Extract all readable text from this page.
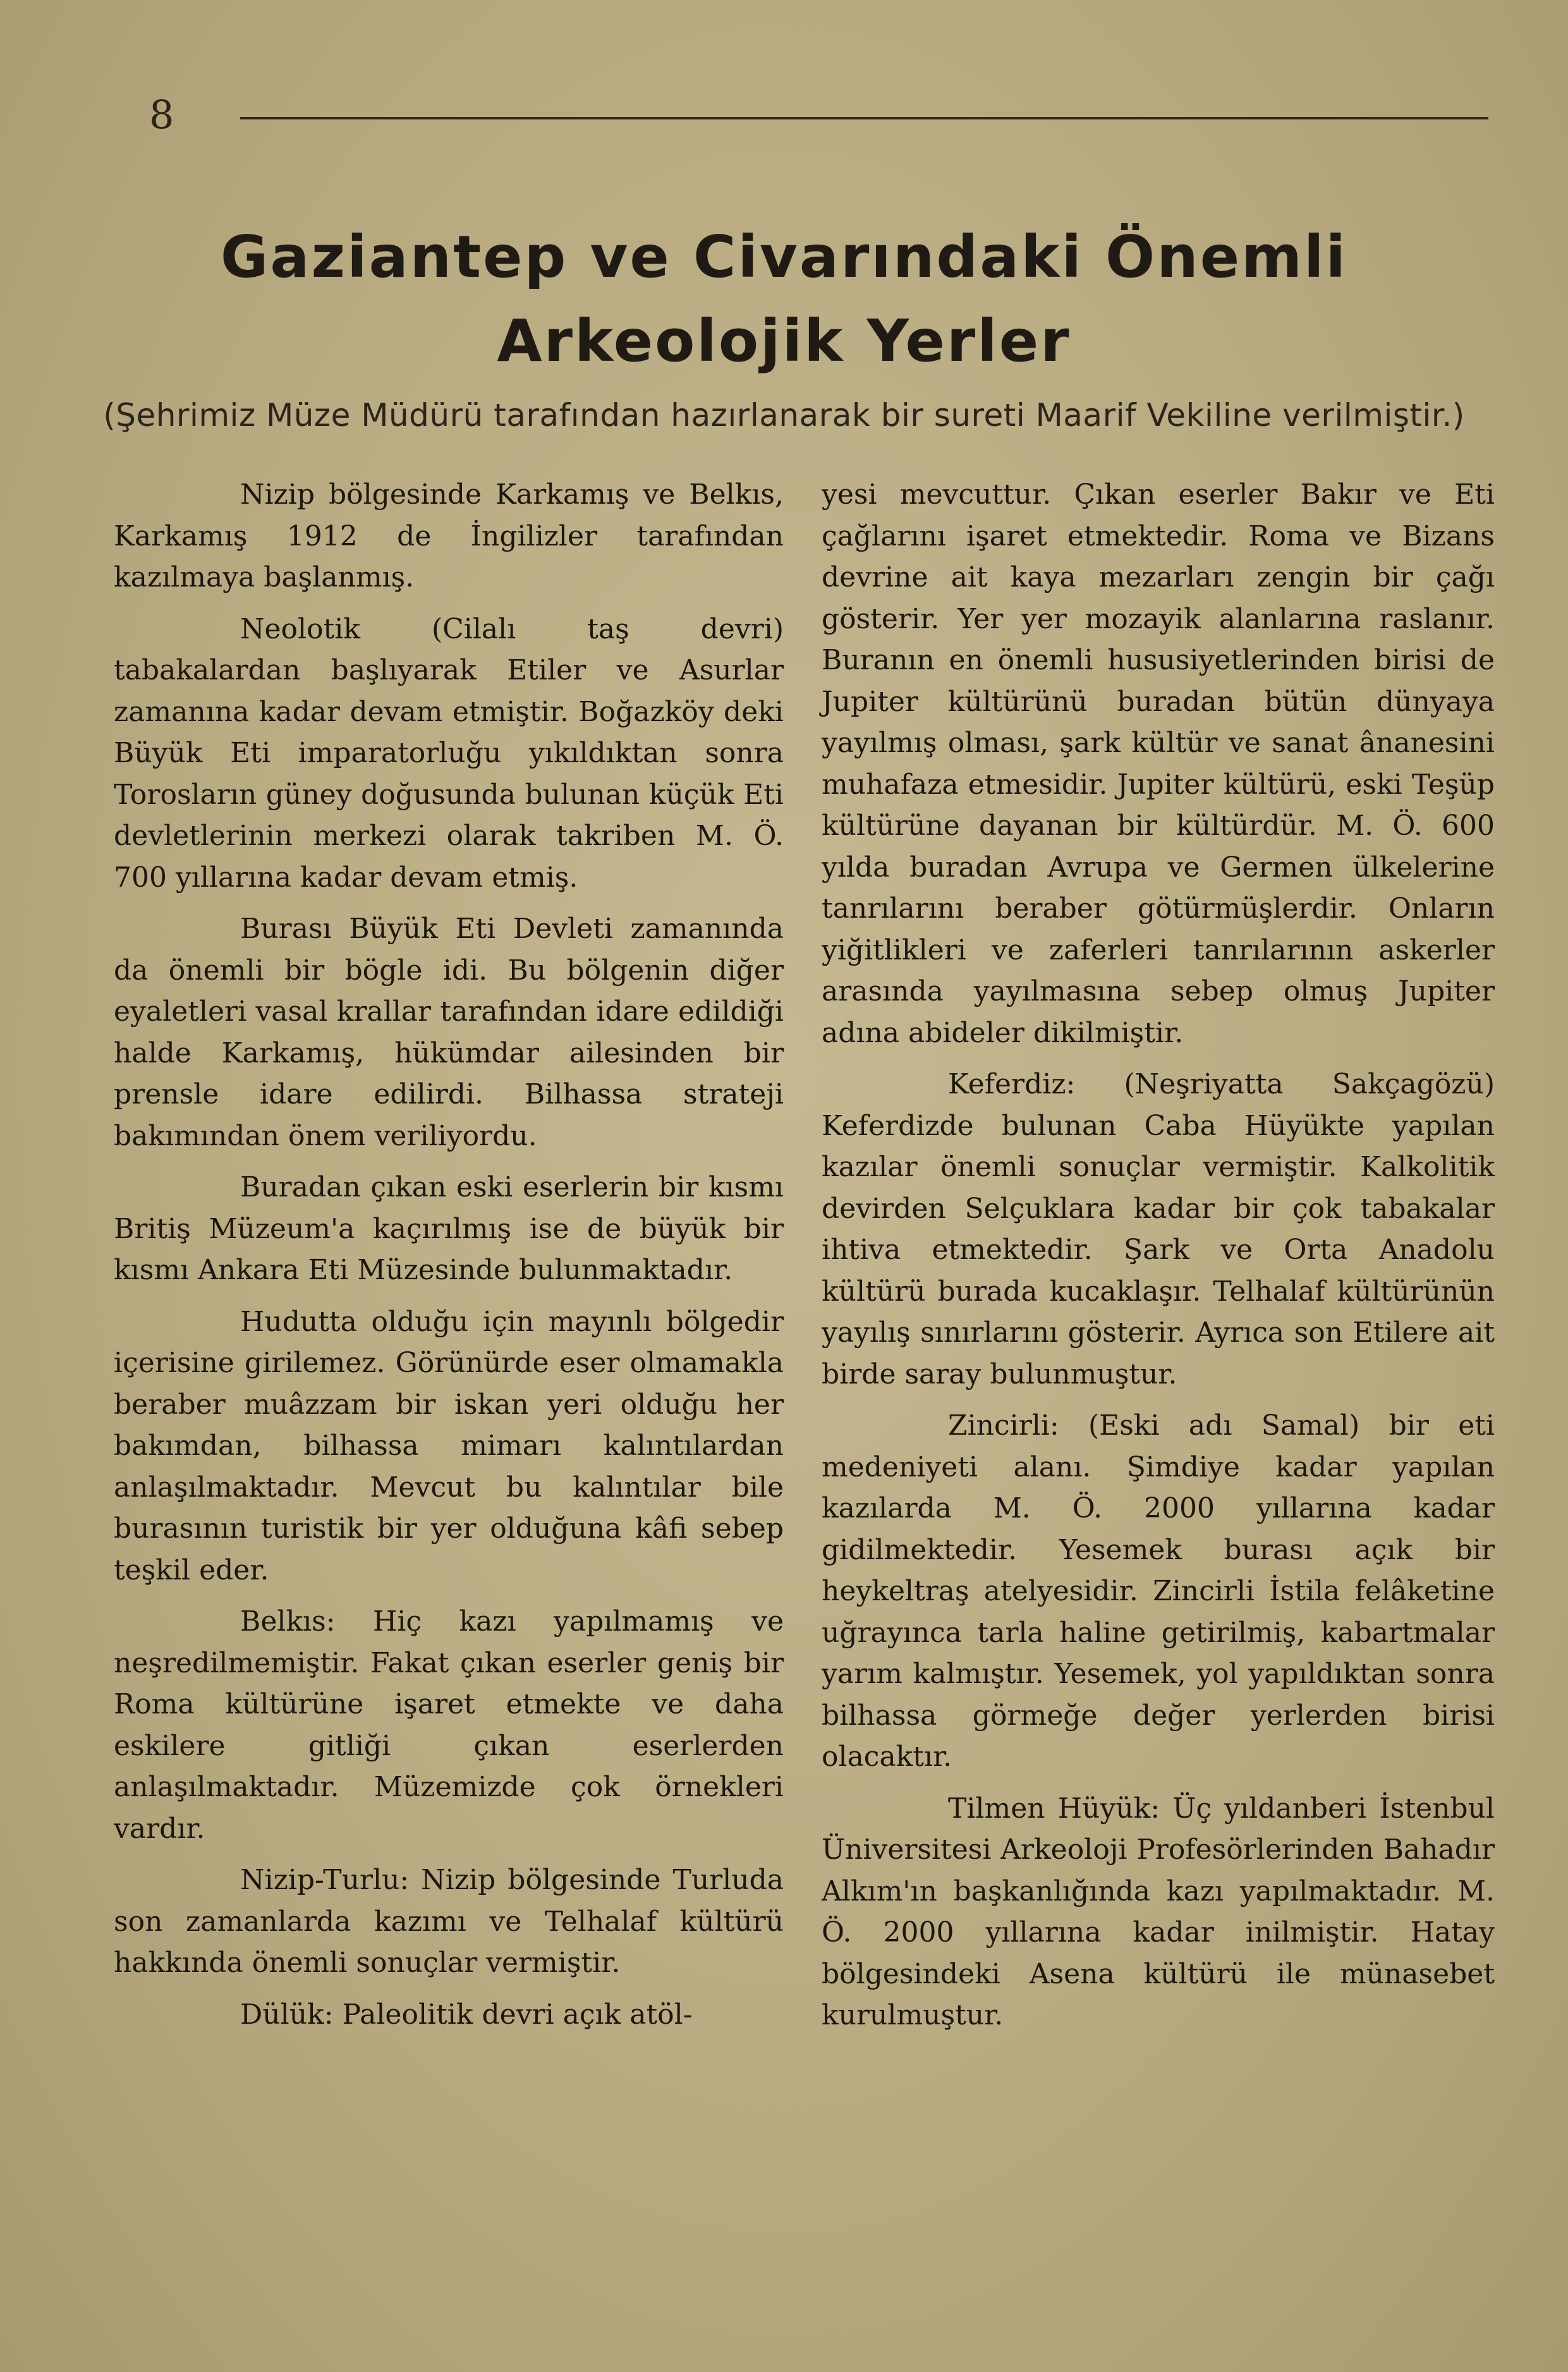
8
Gaziantep ve Civarındaki Önemli
Arkeolojik Yerler
(Şehrimiz Müze Müdürü tarafından hazırlanarak bir sureti Maarif Vekiline verilmiştir.)

Nizip bölgesinde Karkamış ve Belkıs, Karkamış 1912 de İngilizler tarafından kazılmaya başlanmış.

Neolotik (Cilalı taş devri) tabakalardan başlıyarak Etiler ve Asurlar zamanına kadar devam etmiştir. Boğazköy deki Büyük Eti imparatorluğu yıkıldıktan sonra Torosların güney doğusunda bulunan küçük Eti devletlerinin merkezi olarak takriben M. Ö. 700 yıllarına kadar devam etmiş.

Burası Büyük Eti Devleti zamanında da önemli bir bögle idi. Bu bölgenin diğer eyaletleri vasal krallar tarafından idare edildiği halde Karkamış, hükümdar ailesinden bir prensle idare edilirdi. Bilhassa strateji bakımından önem veriliyordu.

Buradan çıkan eski eserlerin bir kısmı Britiş Müzeum'a kaçırılmış ise de büyük bir kısmı Ankara Eti Müzesinde bulunmaktadır.

Hudutta olduğu için mayınlı bölgedir içerisine girilemez. Görünürde eser olmamakla beraber muâzzam bir iskan yeri olduğu her bakımdan, bilhassa mimarı kalıntılardan anlaşılmaktadır. Mevcut bu kalıntılar bile burasının turistik bir yer olduğuna kâfi sebep teşkil eder.

Belkıs: Hiç kazı yapılmamış ve neşredilmemiştir. Fakat çıkan eserler geniş bir Roma kültürüne işaret etmekte ve daha eskilere gitliği çıkan eserlerden anlaşılmaktadır. Müzemizde çok örnekleri vardır.

Nizip-Turlu: Nizip bölgesinde Turluda son zamanlarda kazımı ve Telhalaf kültürü hakkında önemli sonuçlar vermiştir.

Dülük: Paleolitik devri açık atöl-

yesi mevcuttur. Çıkan eserler Bakır ve Eti çağlarını işaret etmektedir. Roma ve Bizans devrine ait kaya mezarları zengin bir çağı gösterir. Yer yer mozayik alanlarına raslanır. Buranın en önemli hususiyetlerinden birisi de Jupiter kültürünü buradan bütün dünyaya yayılmış olması, şark kültür ve sanat ânanesini muhafaza etmesidir. Jupiter kültürü, eski Teşüp kültürüne dayanan bir kültürdür. M. Ö. 600 yılda buradan Avrupa ve Germen ülkelerine tanrılarını beraber götürmüşlerdir. Onların yiğitlikleri ve zaferleri tanrılarının askerler arasında yayılmasına sebep olmuş Jupiter adına abideler dikilmiştir.

Keferdiz: (Neşriyatta Sakçagözü) Keferdizde bulunan Caba Hüyükte yapılan kazılar önemli sonuçlar vermiştir. Kalkolitik devirden Selçuklara kadar bir çok tabakalar ihtiva etmektedir. Şark ve Orta Anadolu kültürü burada kucaklaşır. Telhalaf kültürünün yayılış sınırlarını gösterir. Ayrıca son Etilere ait birde saray bulunmuştur.

Zincirli: (Eski adı Samal) bir eti medeniyeti alanı. Şimdiye kadar yapılan kazılarda M. Ö. 2000 yıllarına kadar gidilmektedir. Yesemek burası açık bir heykeltraş atelyesidir. Zincirli İstila felâketine uğrayınca tarla haline getirilmiş, kabartmalar yarım kalmıştır. Yesemek, yol yapıldıktan sonra bilhassa görmeğe değer yerlerden birisi olacaktır.

Tilmen Hüyük: Üç yıldanberi İstenbul Üniversitesi Arkeoloji Profesörlerinden Bahadır Alkım'ın başkanlığında kazı yapılmaktadır. M. Ö. 2000 yıllarına kadar inilmiştir. Hatay bölgesindeki Asena kültürü ile münasebet kurulmuştur.
